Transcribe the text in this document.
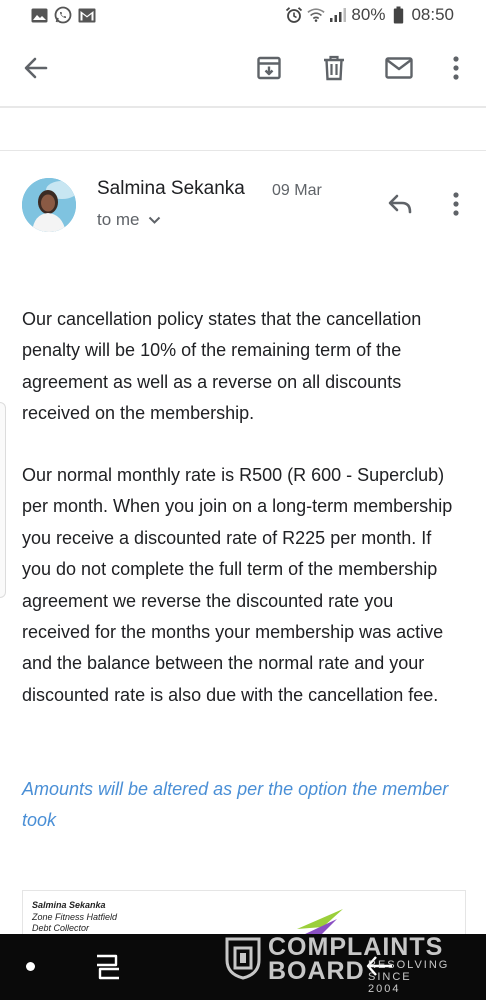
80% 08:50
Salmina Sekanka 09 Mar
to me
Our cancellation policy states that the cancellation penalty will be 10% of the remaining term of the agreement as well as a reverse on all discounts received on the membership.
Our normal monthly rate is R500 (R 600 - Superclub) per month. When you join on a long-term membership you receive a discounted rate of R225 per month. If you do not complete the full term of the membership agreement we reverse the discounted rate you received for the months your membership was active and the balance between the normal rate and your discounted rate is also due with the cancellation fee.
Amounts will be altered as per the option the member took
Salmina Sekanka
Zone Fitness Hatfield
Debt Collector
COMPLAINTS
BOARD RESOLVING
SINCE 2004
